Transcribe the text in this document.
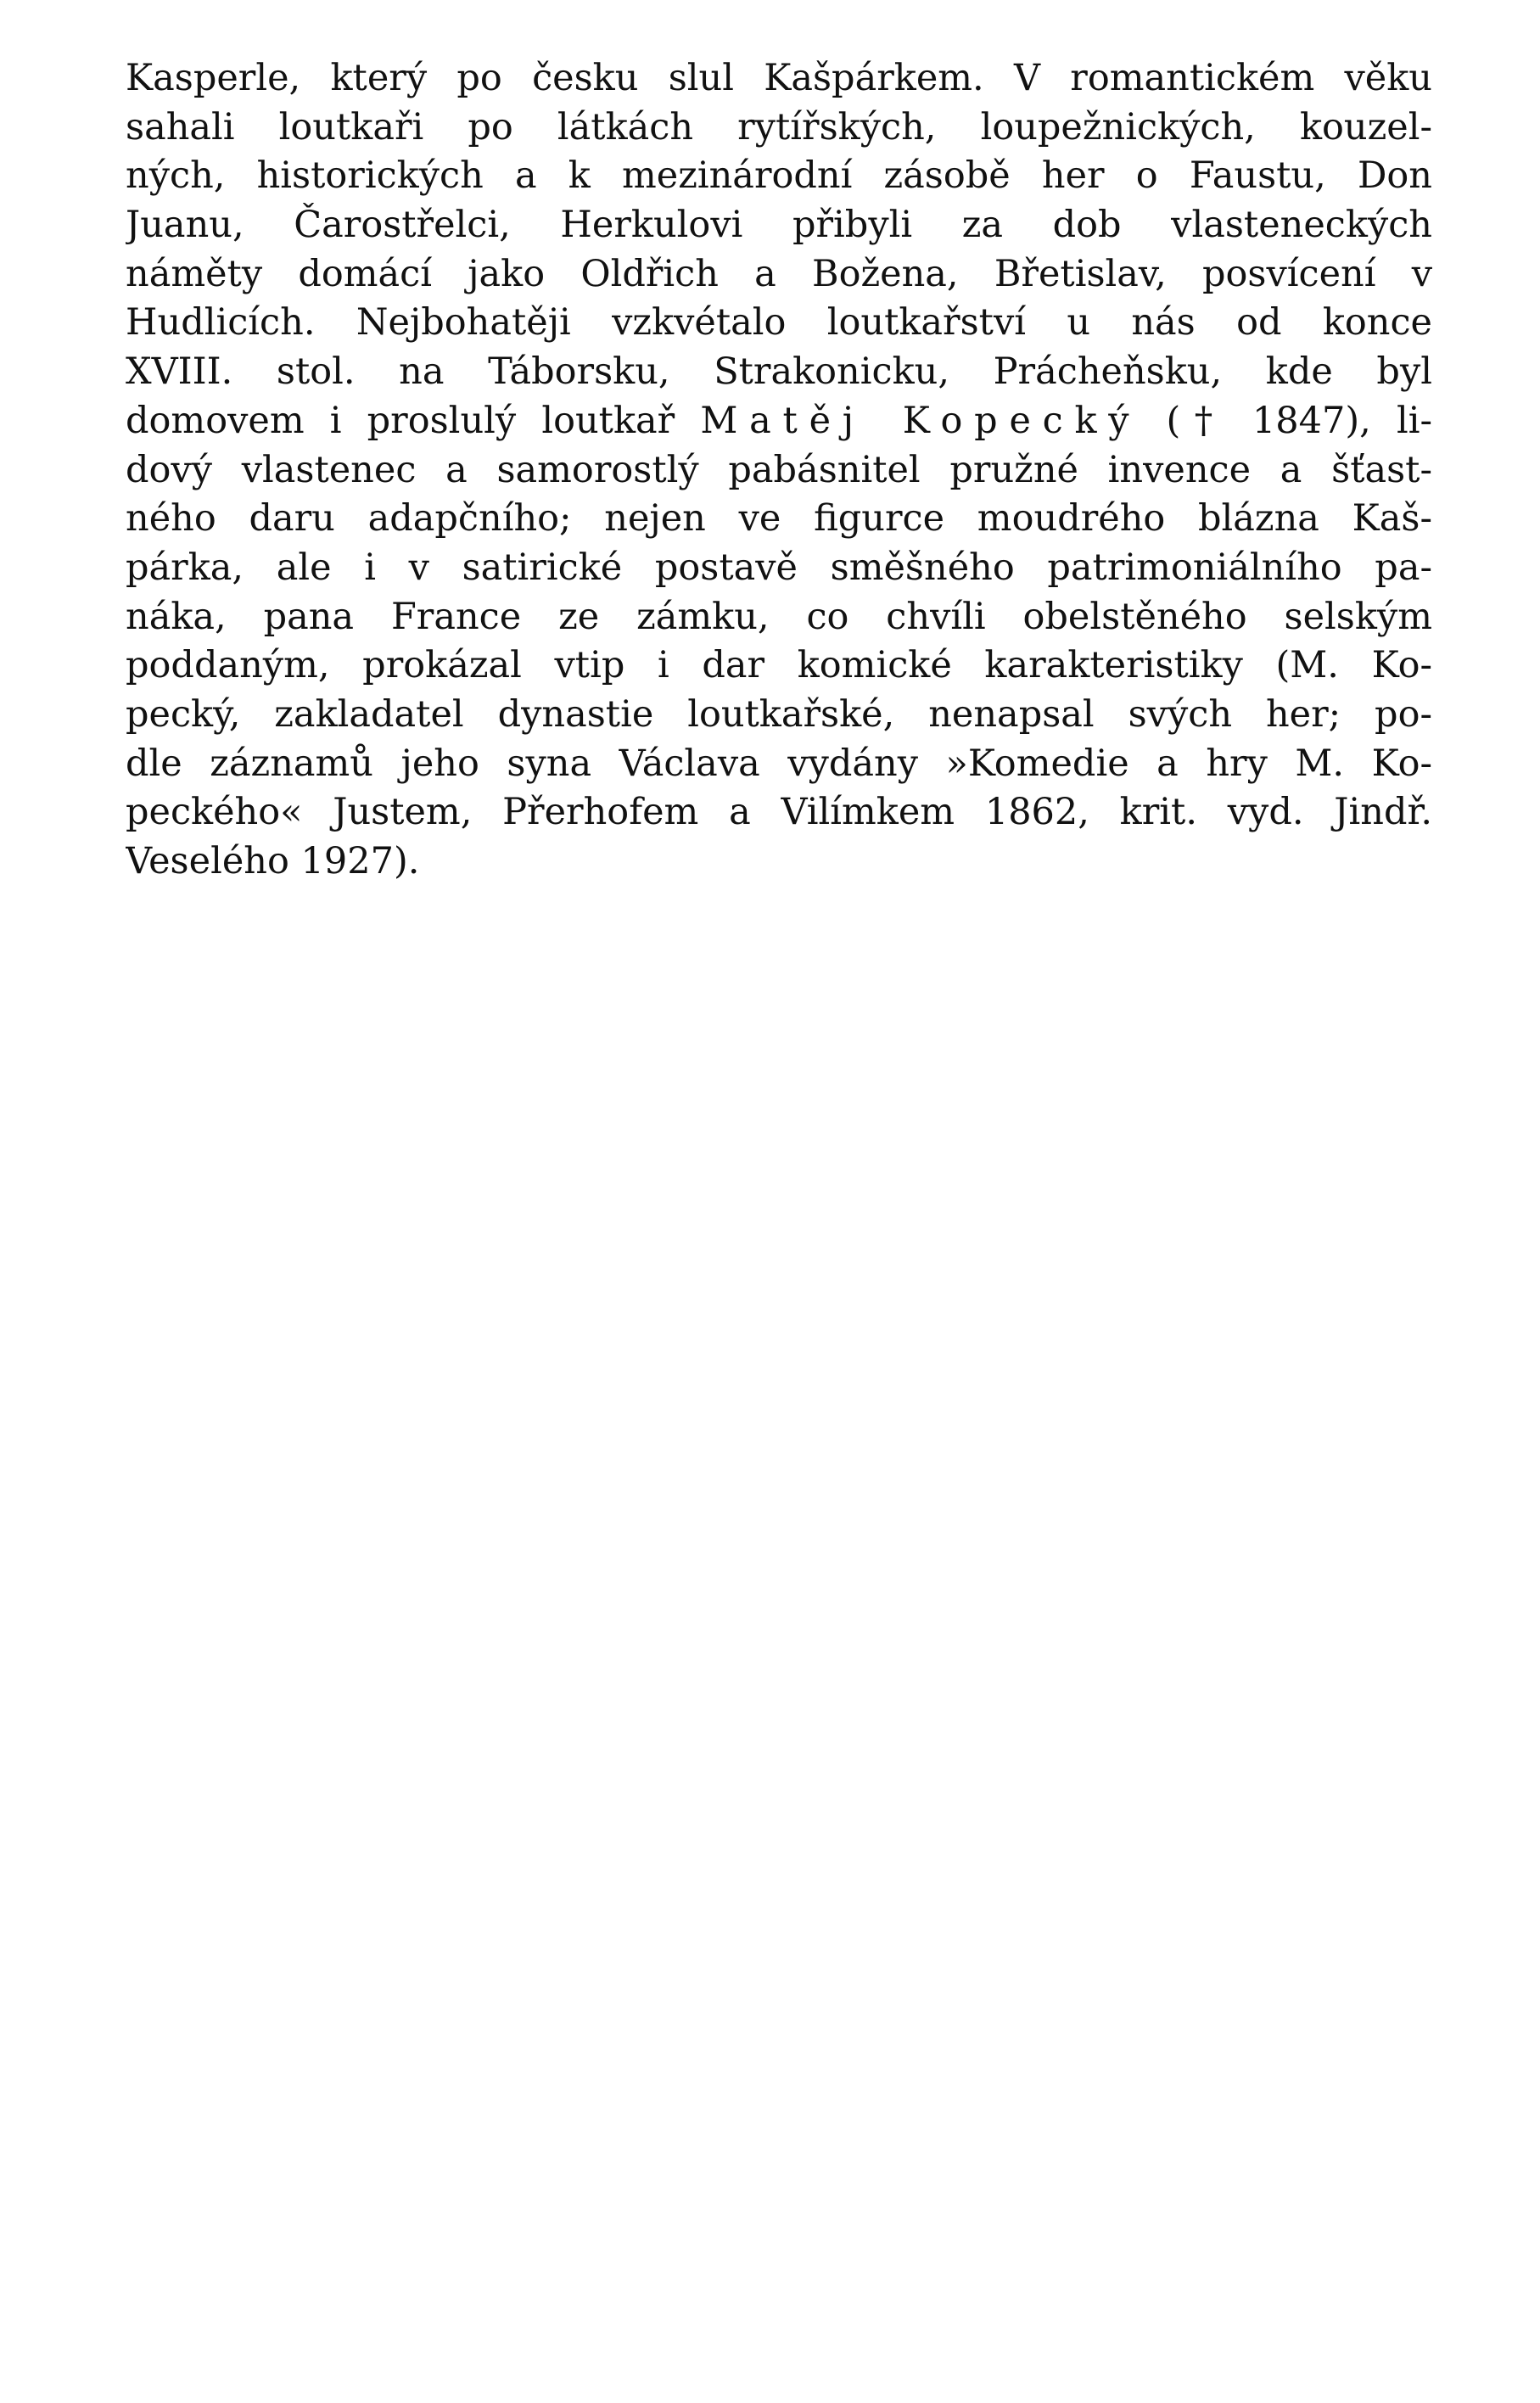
Kasperle, který po česku slul Kašpárkem. V romantickém věku
sahali loutkaři po látkách rytířských, loupežnických, kouzel-
ných, historických a k mezinárodní zásobě her o Faustu, Don
Juanu, Čarostřelci, Herkulovi přibyli za dob vlasteneckých
náměty domácí jako Oldřich a Božena, Břetislav, posvícení v
Hudlicích. Nejbohatěji vzkvétalo loutkařství u nás od konce
XVIII. stol. na Táborsku, Strakonicku, Prácheňsku, kde byl
domovem i proslulý loutkař Matěj Kopecký († 1847), li-
dový vlastenec a samorostlý pabásnitel pružné invence a šťast-
ného daru adapčního; nejen ve figurce moudrého blázna Kaš-
párka, ale i v satirické postavě směšného patrimoniálního pa-
náka, pana France ze zámku, co chvíli obelstěného selským
poddaným, prokázal vtip i dar komické karakteristiky (M. Ko-
pecký, zakladatel dynastie loutkařské, nenapsal svých her; po-
dle záznamů jeho syna Václava vydány »Komedie a hry M. Ko-
peckého« Justem, Přerhofem a Vilímkem 1862, krit. vyd. Jindř.
Veselého 1927).
